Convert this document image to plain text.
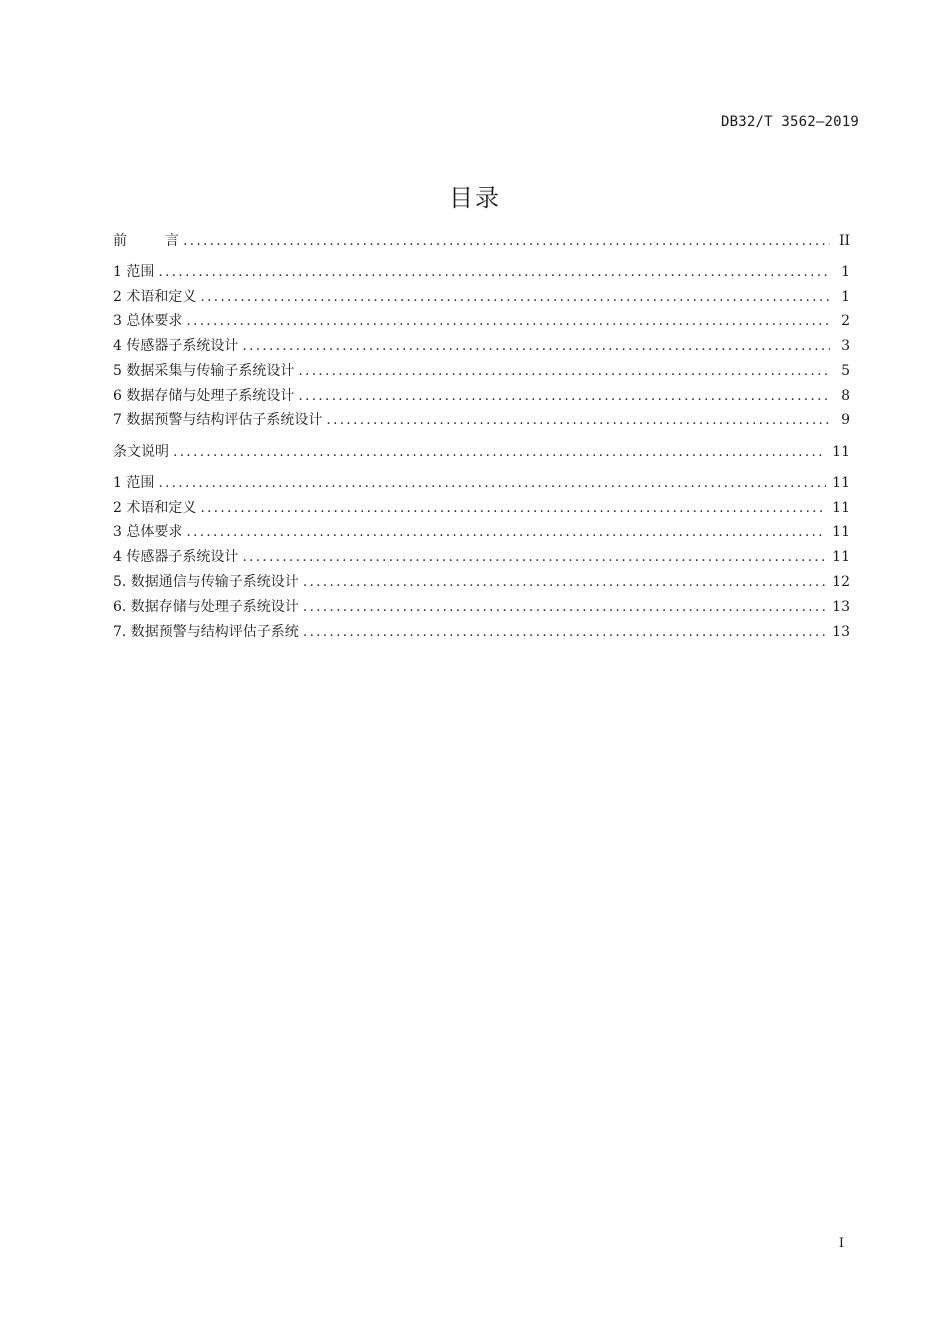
DB32/T 3562—2019
目录
前	言 .....	II
1 范围 .....	1
2 术语和定义 .....	1
3 总体要求 .....	2
4 传感器子系统设计 .....	3
5 数据采集与传输子系统设计 .....	5
6 数据存储与处理子系统设计 .....	8
7 数据预警与结构评估子系统设计 .....	9
条文说明 .....	11
1 范围 .....	11
2 术语和定义 .....	11
3 总体要求 .....	11
4 传感器子系统设计 .....	11
5. 数据通信与传输子系统设计 .....	12
6. 数据存储与处理子系统设计 .....	13
7. 数据预警与结构评估子系统 .....	13
I
